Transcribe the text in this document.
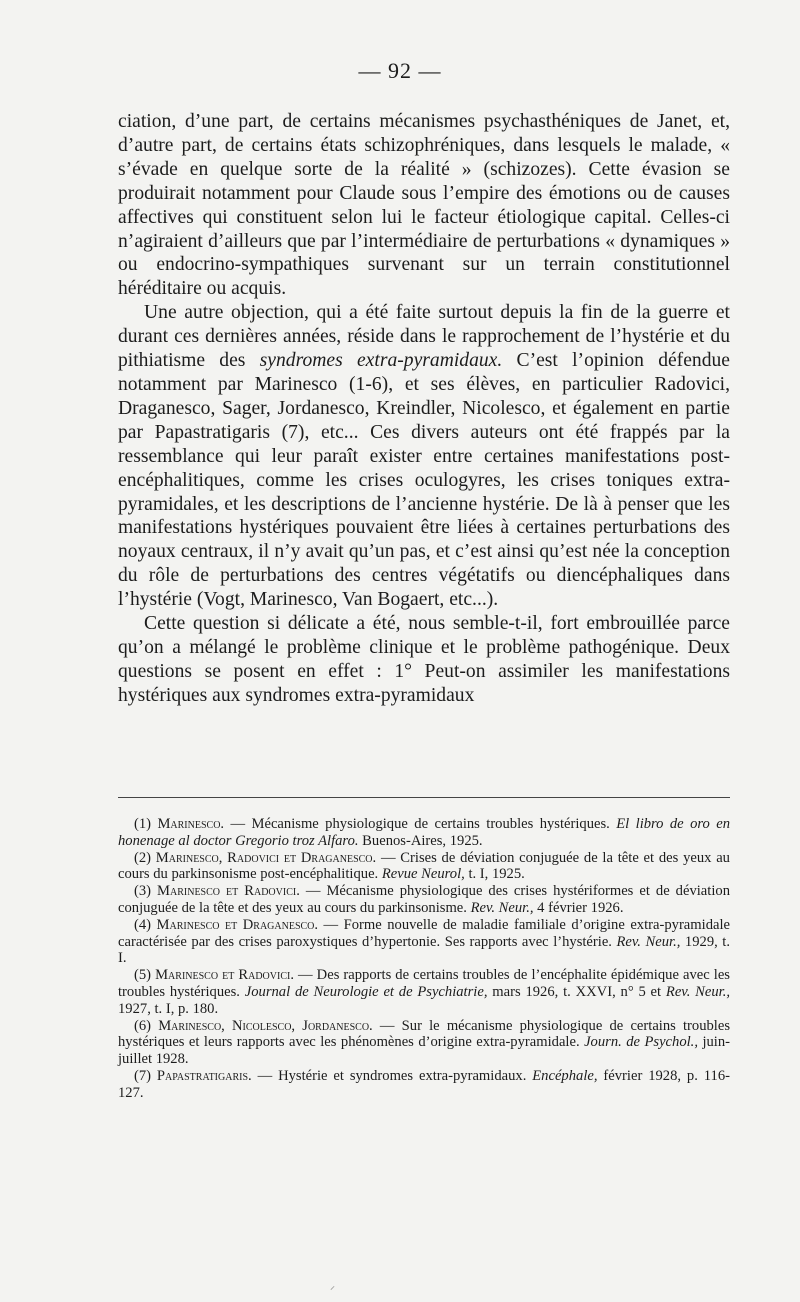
— 92 —

ciation, d’une part, de certains mécanismes psychasthéniques de Janet, et, d’autre part, de certains états schizophréniques, dans lesquels le malade, « s’évade en quelque sorte de la réalité » (schizozes). Cette évasion se produirait notamment pour Claude sous l’empire des émotions ou de causes affectives qui constituent selon lui le facteur étiologique capital. Celles-ci n’agiraient d’ailleurs que par l’intermédiaire de perturbations « dynamiques » ou endocrino-sympathiques survenant sur un terrain constitutionnel héréditaire ou acquis.

Une autre objection, qui a été faite surtout depuis la fin de la guerre et durant ces dernières années, réside dans le rapprochement de l’hystérie et du pithiatisme des syndromes extra-pyramidaux. C’est l’opinion défendue notamment par Marinesco (1-6), et ses élèves, en particulier Radovici, Draganesco, Sager, Jordanesco, Kreindler, Nicolesco, et également en partie par Papastratigaris (7), etc... Ces divers auteurs ont été frappés par la ressemblance qui leur paraît exister entre certaines manifestations post-encéphalitiques, comme les crises oculogyres, les crises toniques extra-pyramidales, et les descriptions de l’ancienne hystérie. De là à penser que les manifestations hystériques pouvaient être liées à certaines perturbations des noyaux centraux, il n’y avait qu’un pas, et c’est ainsi qu’est née la conception du rôle de perturbations des centres végétatifs ou diencéphaliques dans l’hystérie (Vogt, Marinesco, Van Bogaert, etc...).

Cette question si délicate a été, nous semble-t-il, fort embrouillée parce qu’on a mélangé le problème clinique et le problème pathogénique. Deux questions se posent en effet : 1° Peut-on assimiler les manifestations hystériques aux syndromes extra-pyramidaux

(1) Marinesco. — Mécanisme physiologique de certains troubles hystériques. El libro de oro en honenage al doctor Gregorio troz Alfaro. Buenos-Aires, 1925.

(2) Marinesco, Radovici et Draganesco. — Crises de déviation conjuguée de la tête et des yeux au cours du parkinsonisme post-encéphalitique. Revue Neurol, t. I, 1925.

(3) Marinesco et Radovici. — Mécanisme physiologique des crises hystériformes et de déviation conjuguée de la tête et des yeux au cours du parkinsonisme. Rev. Neur., 4 février 1926.

(4) Marinesco et Draganesco. — Forme nouvelle de maladie familiale d’origine extra-pyramidale caractérisée par des crises paroxystiques d’hypertonie. Ses rapports avec l’hystérie. Rev. Neur., 1929, t. I.

(5) Marinesco et Radovici. — Des rapports de certains troubles de l’encéphalite épidémique avec les troubles hystériques. Journal de Neurologie et de Psychiatrie, mars 1926, t. XXVI, n° 5 et Rev. Neur., 1927, t. I, p. 180.

(6) Marinesco, Nicolesco, Jordanesco. — Sur le mécanisme physiologique de certains troubles hystériques et leurs rapports avec les phénomènes d’origine extra-pyramidale. Journ. de Psychol., juin-juillet 1928.

(7) Papastratigaris. — Hystérie et syndromes extra-pyramidaux. Encéphale, février 1928, p. 116-127.

⸝
